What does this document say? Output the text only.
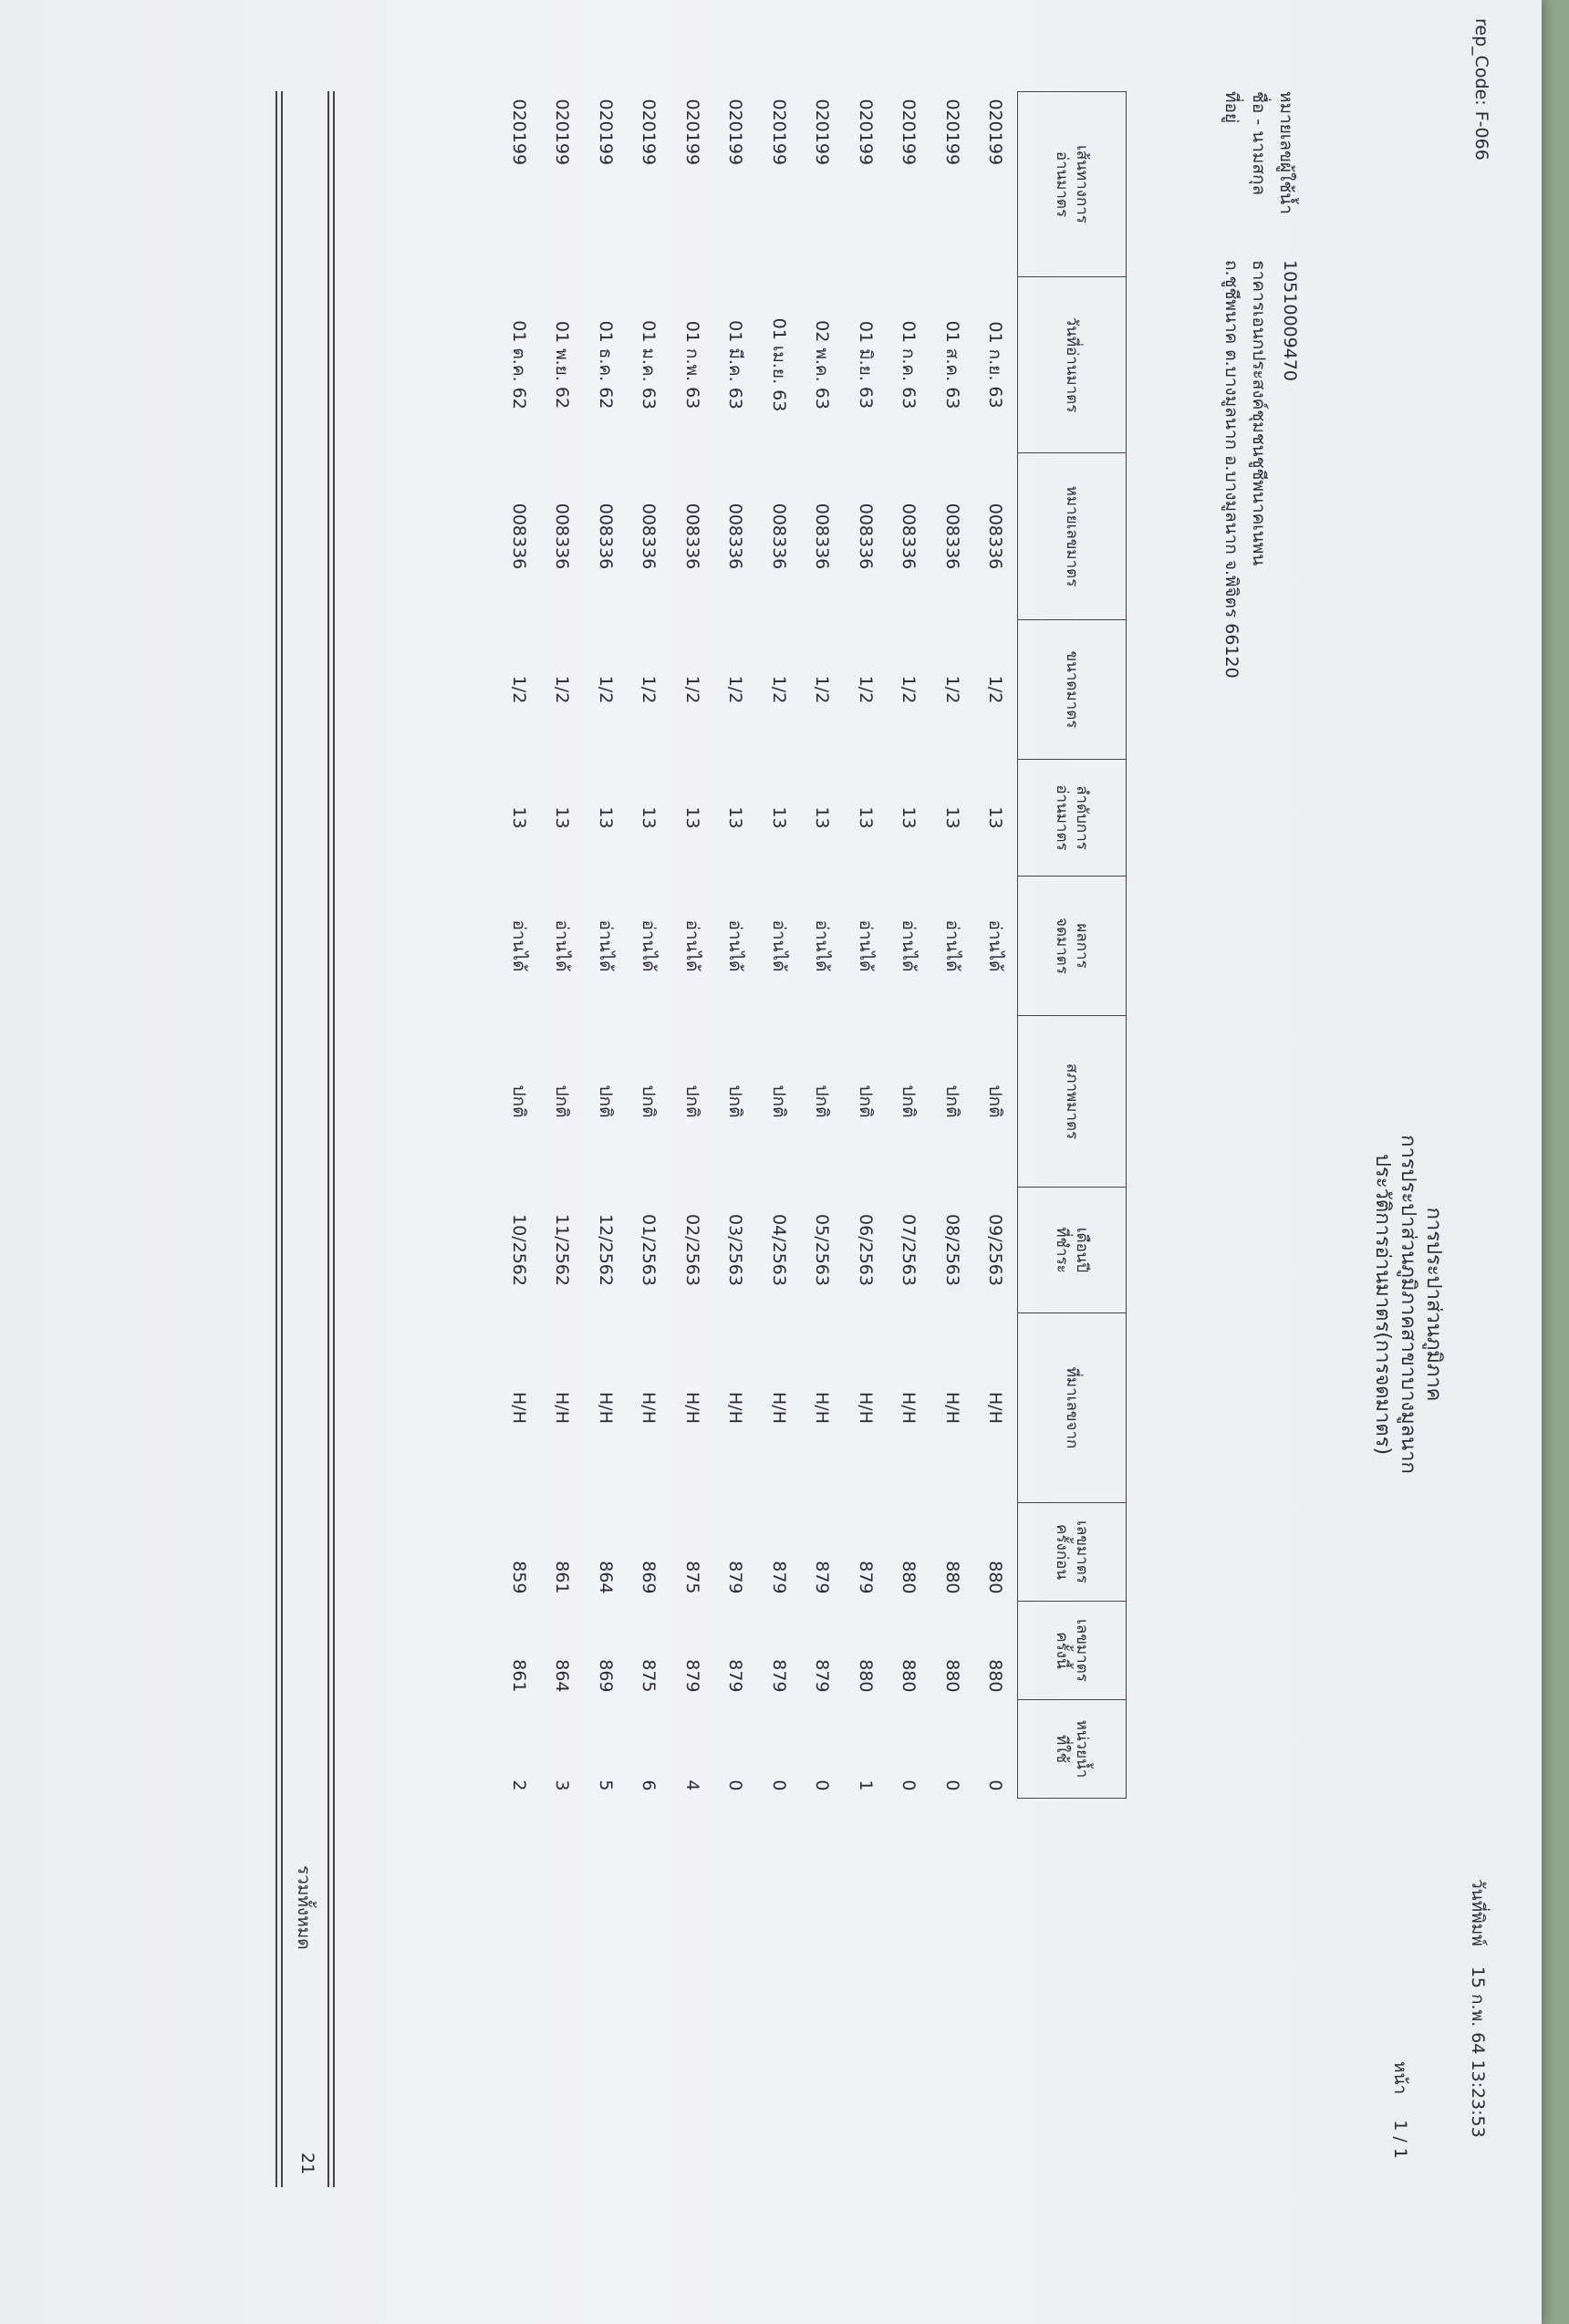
rep_Code: F-066
วันที่พิมพ์ 15 ก.พ. 64 13:23:53
การประปาส่วนภูมิภาค
การประปาส่วนภูมิภาคสาขาบางมูลนาก
ประวัติการอ่านมาตร(การจดมาตร)
หน้า 1 / 1
หมายเลขผู้ใช้น้ำ
10510009470
ชื่อ - นามสกุล
ธาคารเอนกประสงค์ชุมชนชูชีพนาคเนพน
ที่อยู่
ถ.ชูชีพนาค ต.บางมูลนาก อ.บางมูลนาก จ.พิจิตร 66120
เส้นทางการ
อ่านมาตร	วันที่อ่านมาตร	หมายเลขมาตร	ขนาดมาตร	ลำดับการ
อ่านมาตร	ผลการ
จดมาตร	สภาพมาตร	เดือนปี
ที่ชำระ	ที่มาเลขจาก	เลขมาตร
ครั้งก่อน	เลขมาตร
ครั้งนี้	หน่วยน้ำ
ที่ใช้
020199	01 ก.ย. 63	008336	1/2	13	อ่านได้	ปกติ	09/2563	H/H	880	880	0
020199	01 ส.ค. 63	008336	1/2	13	อ่านได้	ปกติ	08/2563	H/H	880	880	0
020199	01 ก.ค. 63	008336	1/2	13	อ่านได้	ปกติ	07/2563	H/H	880	880	0
020199	01 มิ.ย. 63	008336	1/2	13	อ่านได้	ปกติ	06/2563	H/H	879	880	1
020199	02 พ.ค. 63	008336	1/2	13	อ่านได้	ปกติ	05/2563	H/H	879	879	0
020199	01 เม.ย. 63	008336	1/2	13	อ่านได้	ปกติ	04/2563	H/H	879	879	0
020199	01 มี.ค. 63	008336	1/2	13	อ่านได้	ปกติ	03/2563	H/H	879	879	0
020199	01 ก.พ. 63	008336	1/2	13	อ่านได้	ปกติ	02/2563	H/H	875	879	4
020199	01 ม.ค. 63	008336	1/2	13	อ่านได้	ปกติ	01/2563	H/H	869	875	6
020199	01 ธ.ค. 62	008336	1/2	13	อ่านได้	ปกติ	12/2562	H/H	864	869	5
020199	01 พ.ย. 62	008336	1/2	13	อ่านได้	ปกติ	11/2562	H/H	861	864	3
020199	01 ต.ค. 62	008336	1/2	13	อ่านได้	ปกติ	10/2562	H/H	859	861	2
รวมทั้งหมด
21
